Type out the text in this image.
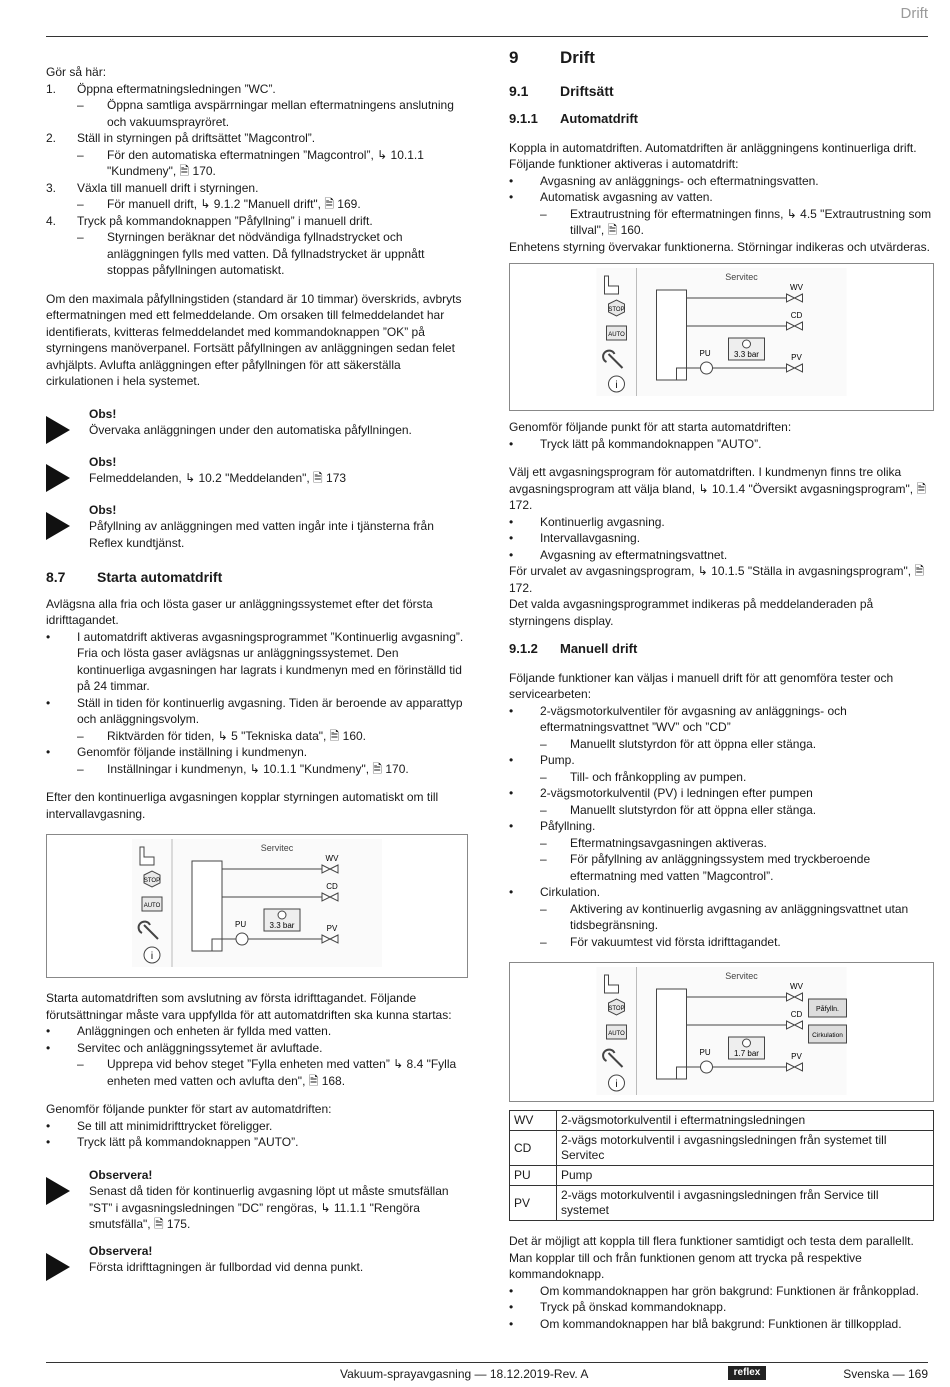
Drift

Gör så här:

1.	Öppna eftermatningsledningen ”WC”.
–	Öppna samtliga avspärrningar mellan eftermatningens anslutning och vakuumsprayröret.
2.	Ställ in styrningen på driftsättet ”Magcontrol”.
–	För den automatiska eftermatningen ”Magcontrol”, ↳ 10.1.1 "Kundmeny", 🗎 170.
3.	Växla till manuell drift i styrningen.
–	För manuell drift, ↳ 9.1.2 "Manuell drift", 🗎 169.
4.	Tryck på kommandoknappen ”Påfyllning” i manuell drift.
–	Styrningen beräknar det nödvändiga fyllnadstrycket och anläggningen fylls med vatten. Då fyllnadstrycket är uppnått stoppas påfyllningen automatiskt.

Om den maximala påfyllningstiden (standard är 10 timmar) överskrids, avbryts eftermatningen med ett felmeddelande. Om orsaken till felmeddelandet har identifierats, kvitteras felmeddelandet med kommandoknappen ”OK” på styrningens manöverpanel. Fortsätt påfyllningen av anläggningen sedan felet avhjälpts. Avlufta anläggningen efter påfyllningen för att säkerställa cirkulationen i hela systemet.

Obs!
Övervaka anläggningen under den automatiska påfyllningen.
Obs!
Felmeddelanden, ↳ 10.2 "Meddelanden", 🗎 173
Obs!
Påfyllning av anläggningen med vatten ingår inte i tjänsterna från Reflex kundtjänst.
8.7	Starta automatdrift

Avlägsna alla fria och lösta gaser ur anläggningssystemet efter det första idrifttagandet.

•	I automatdrift aktiveras avgasningsprogrammet ”Kontinuerlig avgasning”. Fria och lösta gaser avlägsnas ur anläggningssystemet. Den kontinuerliga avgasningen har lagrats i kundmenyn med en förinställd tid på 24 timmar.
•	Ställ in tiden för kontinuerlig avgasning. Tiden är beroende av apparattyp och anläggningsvolym.
–	Riktvärden för tiden, ↳ 5 "Tekniska data", 🗎 160.
•	Genomför följande inställning i kundmenyn.
–	Inställningar i kundmenyn, ↳ 10.1.1 "Kundmeny", 🗎 170.

Efter den kontinuerliga avgasningen kopplar styrningen automatiskt om till intervallavgasning.

STOP
AUTO
i
Servitec
WV
CD
PV
PU	3.3 bar

Starta automatdriften som avslutning av första idrifttagandet. Följande förutsättningar måste vara uppfyllda för att automatdriften ska kunna startas:

•	Anläggningen och enheten är fyllda med vatten.
•	Servitec och anläggningssytemet är avluftade.
–	Upprepa vid behov steget ”Fylla enheten med vatten” ↳ 8.4 "Fylla enheten med vatten och avlufta den", 🗎 168.

Genomför följande punkter för start av automatdriften:

•	Se till att minimidrifttrycket föreligger.
•	Tryck lätt på kommandoknappen ”AUTO”.
Observera!
Senast då tiden för kontinuerlig avgasning löpt ut måste smutsfällan ”ST” i avgasningsledningen ”DC” rengöras, ↳ 11.1.1 "Rengöra smutsfälla", 🗎 175.
Observera!
Första idrifttagningen är fullbordad vid denna punkt.
9	Drift
9.1	Driftsätt
9.1.1	Automatdrift

Koppla in automatdriften. Automatdriften är anläggningens kontinuerliga drift.

Följande funktioner aktiveras i automatdrift:

•	Avgasning av anläggnings- och eftermatningsvatten.
•	Automatisk avgasning av vatten.
–	Extrautrustning för eftermatningen finns, ↳ 4.5 "Extrautrustning som tillval", 🗎 160.

Enhetens styrning övervakar funktionerna. Störningar indikeras och utvärderas.

STOP
AUTO
i
Servitec
WV
CD
PV
PU	3.3 bar

Genomför följande punkt för att starta automatdriften:

•	Tryck lätt på kommandoknappen ”AUTO”.

Välj ett avgasningsprogram för automatdriften. I kundmenyn finns tre olika avgasningsprogram att välja bland, ↳ 10.1.4 "Översikt avgasningsprogram", 🗎 172.

•	Kontinuerlig avgasning.
•	Intervallavgasning.
•	Avgasning av eftermatningsvattnet.

För urvalet av avgasningsprogram, ↳ 10.1.5 "Ställa in avgasningsprogram", 🗎 172.

Det valda avgasningsprogrammet indikeras på meddelanderaden på styrningens display.

9.1.2	Manuell drift

Följande funktioner kan väljas i manuell drift för att genomföra tester och servicearbeten:

•	2-vägsmotorkulventiler för avgasning av anläggnings- och eftermatningsvattnet ”WV” och ”CD”
–	Manuellt slutstyrdon för att öppna eller stänga.
•	Pump.
–	Till- och frånkoppling av pumpen.
•	2-vägsmotorkulventil (PV) i ledningen efter pumpen
–	Manuellt slutstyrdon för att öppna eller stänga.
•	Påfyllning.
–	Eftermatningsavgasningen aktiveras.
–	För påfyllning av anläggningssystem med tryckberoende eftermatning med vatten ”Magcontrol”.
•	Cirkulation.
–	Aktivering av kontinuerlig avgasning av anläggningsvattnet utan tidsbegränsning.
–	För vakuumtest vid första idrifttagandet.
STOP
AUTO
i
Servitec
WV
CD
PV
PU	1.7 bar
Påfylln.
Cirkulation
WV	2-vägsmotorkulventil i eftermatningsledningen
CD	2-vägs motorkulventil i avgasningsledningen från systemet till Servitec
PU	Pump
PV	2-vägs motorkulventil i avgasningsledningen från Service till systemet

Det är möjligt att koppla till flera funktioner samtidigt och testa dem parallellt. Man kopplar till och från funktionen genom att trycka på respektive kommandoknapp.

•	Om kommandoknappen har grön bakgrund: Funktionen är frånkopplad.
•	Tryck på önskad kommandoknapp.
•	Om kommandoknappen har blå bakgrund: Funktionen är tillkopplad.
Vakuum-sprayavgasning — 18.12.2019-Rev. A	reflex	Svenska — 169
